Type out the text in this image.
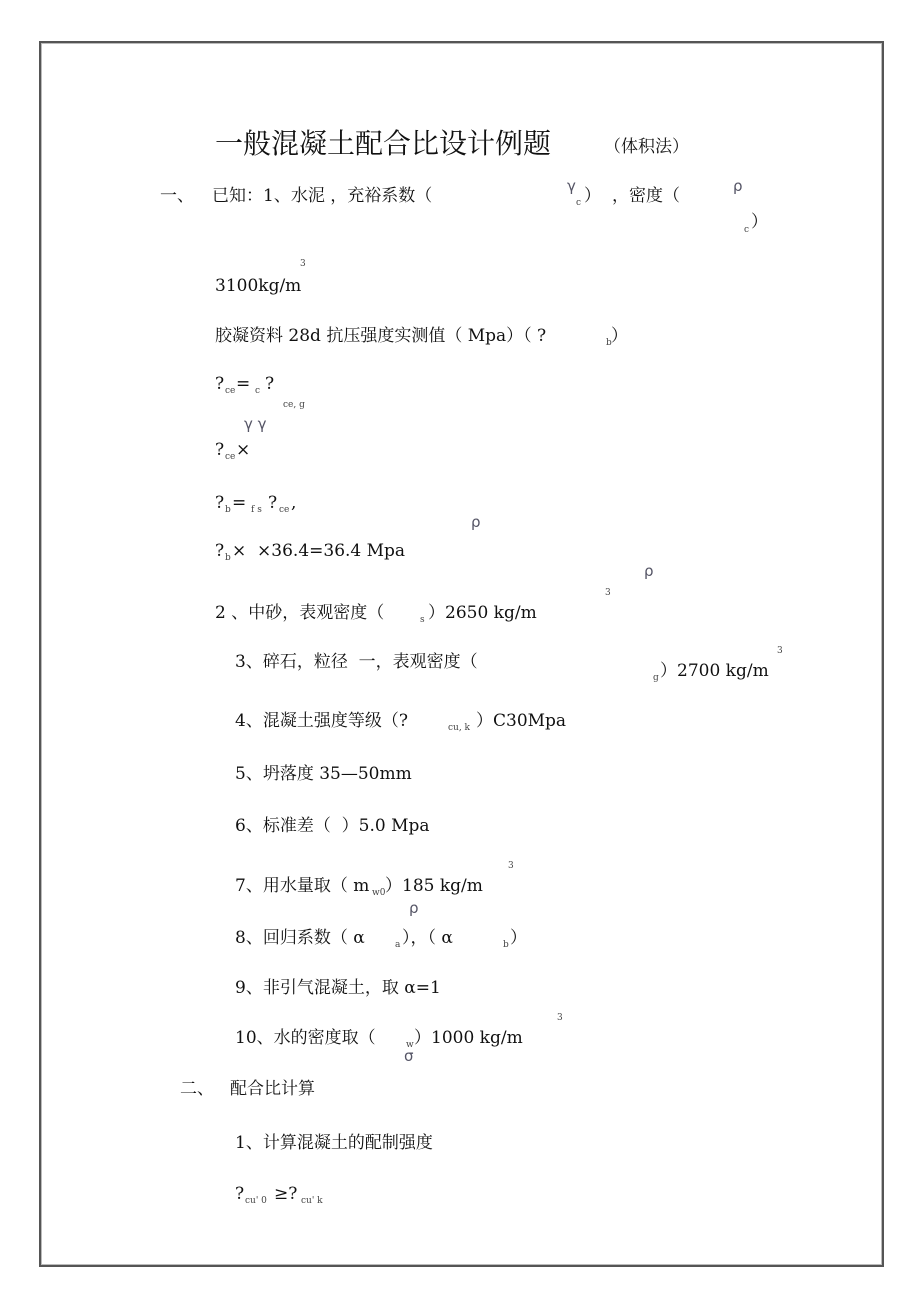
一般混凝土配合比设计例题	（体积法）
一、 已知：1、水泥 ，充裕系数（	γ
c ） ，密度（	ρ
c ）
3
3100kg/m
胶凝资料 28d 抗压强度实测值（ Mpa）（ ?	b ）
? ce = c ?
ce, g
γ γ
? ce ×
? b = f s ? ce ,
ρ
? b ×  ×36.4=36.4 Mpa
ρ
3
2 、中砂，表观密度（	s ）2650 kg/m
3、碎石，粒径  一，表观密度（
g ）2700 kg/m
3
4、混凝土强度等级（?	cu, k ）C30Mpa
5、坍落度 35—50mm
6、标准差（  ）5.0 Mpa
3
7、用水量取（ m w0 ）185 kg/m
ρ
8、回归系数（ α	a ），（ α	b ）
9、非引气混凝土，取 α=1
3
10、水的密度取（	w ）1000 kg/m
σ
二、 配合比计算
1、计算混凝土的配制强度
? cu' 0 ≥? cu' k
